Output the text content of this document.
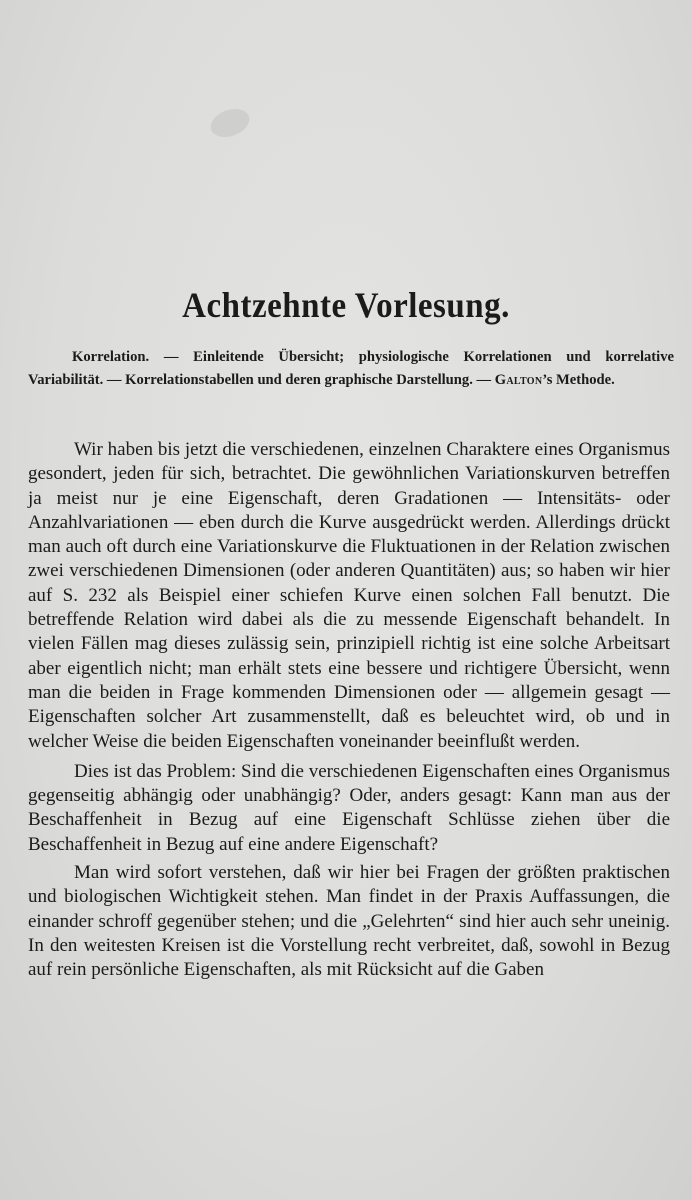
Achtzehnte Vorlesung.

Korrelation. — Einleitende Übersicht; physiologische Korrelationen und korrelative Variabilität. — Korrelationstabellen und deren graphische Darstellung. — Galton’s Methode.

Wir haben bis jetzt die verschiedenen, einzelnen Charaktere eines Organismus gesondert, jeden für sich, betrachtet. Die gewöhnlichen Variationskurven betreffen ja meist nur je eine Eigenschaft, deren Gradationen — Intensitäts- oder Anzahlvariationen — eben durch die Kurve ausgedrückt werden. Allerdings drückt man auch oft durch eine Variationskurve die Fluktuationen in der Relation zwischen zwei verschiedenen Dimensionen (oder anderen Quantitäten) aus; so haben wir hier auf S. 232 als Beispiel einer schiefen Kurve einen solchen Fall benutzt. Die betreffende Relation wird dabei als die zu messende Eigenschaft behandelt. In vielen Fällen mag dieses zulässig sein, prinzipiell richtig ist eine solche Arbeitsart aber eigentlich nicht; man erhält stets eine bessere und richtigere Übersicht, wenn man die beiden in Frage kommenden Dimensionen oder — allgemein gesagt — Eigenschaften solcher Art zusammenstellt, daß es beleuchtet wird, ob und in welcher Weise die beiden Eigenschaften voneinander beeinflußt werden.

Dies ist das Problem: Sind die verschiedenen Eigenschaften eines Organismus gegenseitig abhängig oder unabhängig? Oder, anders gesagt: Kann man aus der Beschaffenheit in Bezug auf eine Eigenschaft Schlüsse ziehen über die Beschaffenheit in Bezug auf eine andere Eigenschaft?

Man wird sofort verstehen, daß wir hier bei Fragen der größten praktischen und biologischen Wichtigkeit stehen. Man findet in der Praxis Auffassungen, die einander schroff gegenüber stehen; und die „Gelehrten“ sind hier auch sehr uneinig. In den weitesten Kreisen ist die Vorstellung recht verbreitet, daß, sowohl in Bezug auf rein persönliche Eigenschaften, als mit Rücksicht auf die Gaben
